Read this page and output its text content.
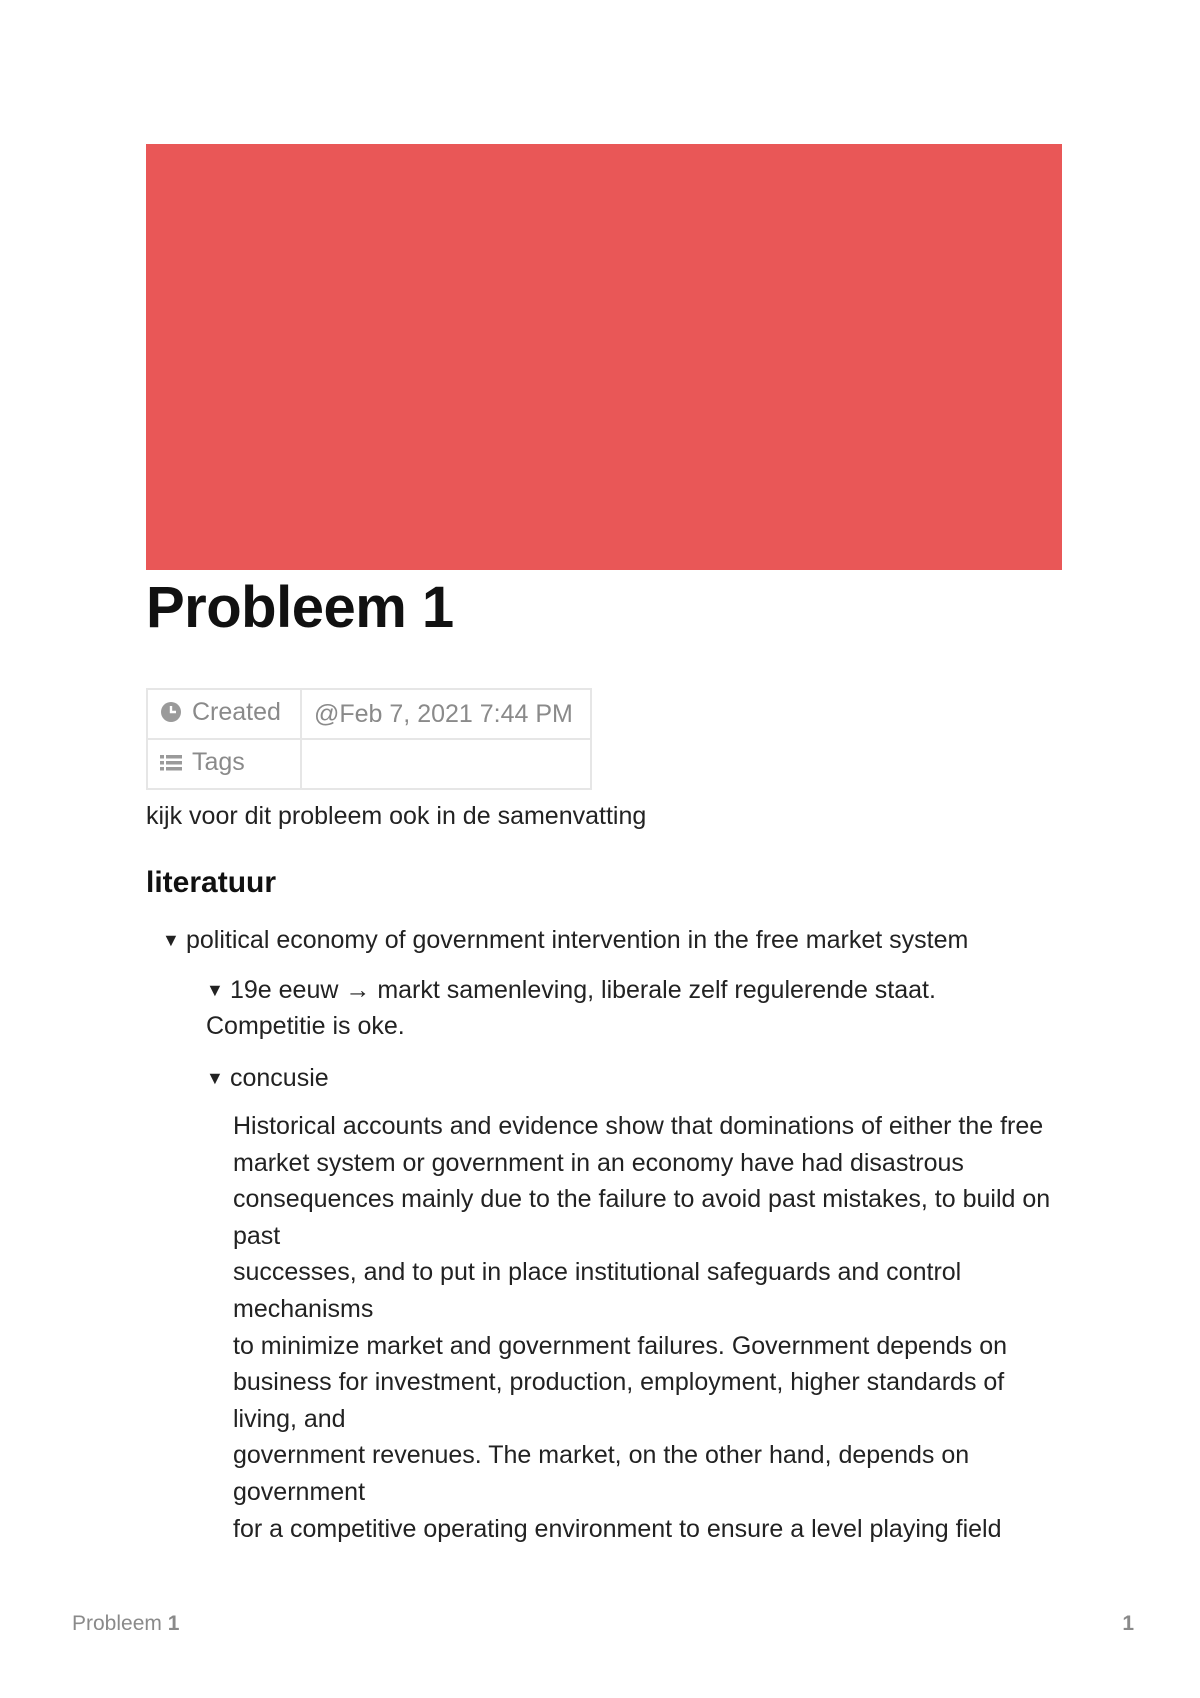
Probleem 1
Created	@Feb 7, 2021 7:44 PM
Tags	
kijk voor dit probleem ook in de samenvatting
literatuur
▼ political economy of government intervention in the free market system
▼ 19e eeuw → markt samenleving, liberale zelf regulerende staat. Competitie is oke.
▼ concusie
Historical accounts and evidence show that dominations of either the free market system or government in an economy have had disastrous consequences mainly due to the failure to avoid past mistakes, to build on past
successes, and to put in place institutional safeguards and control mechanisms
to minimize market and government failures. Government depends on business for investment, production, employment, higher standards of living, and
government revenues. The market, on the other hand, depends on government
for a competitive operating environment to ensure a level playing field
Probleem 1	1
